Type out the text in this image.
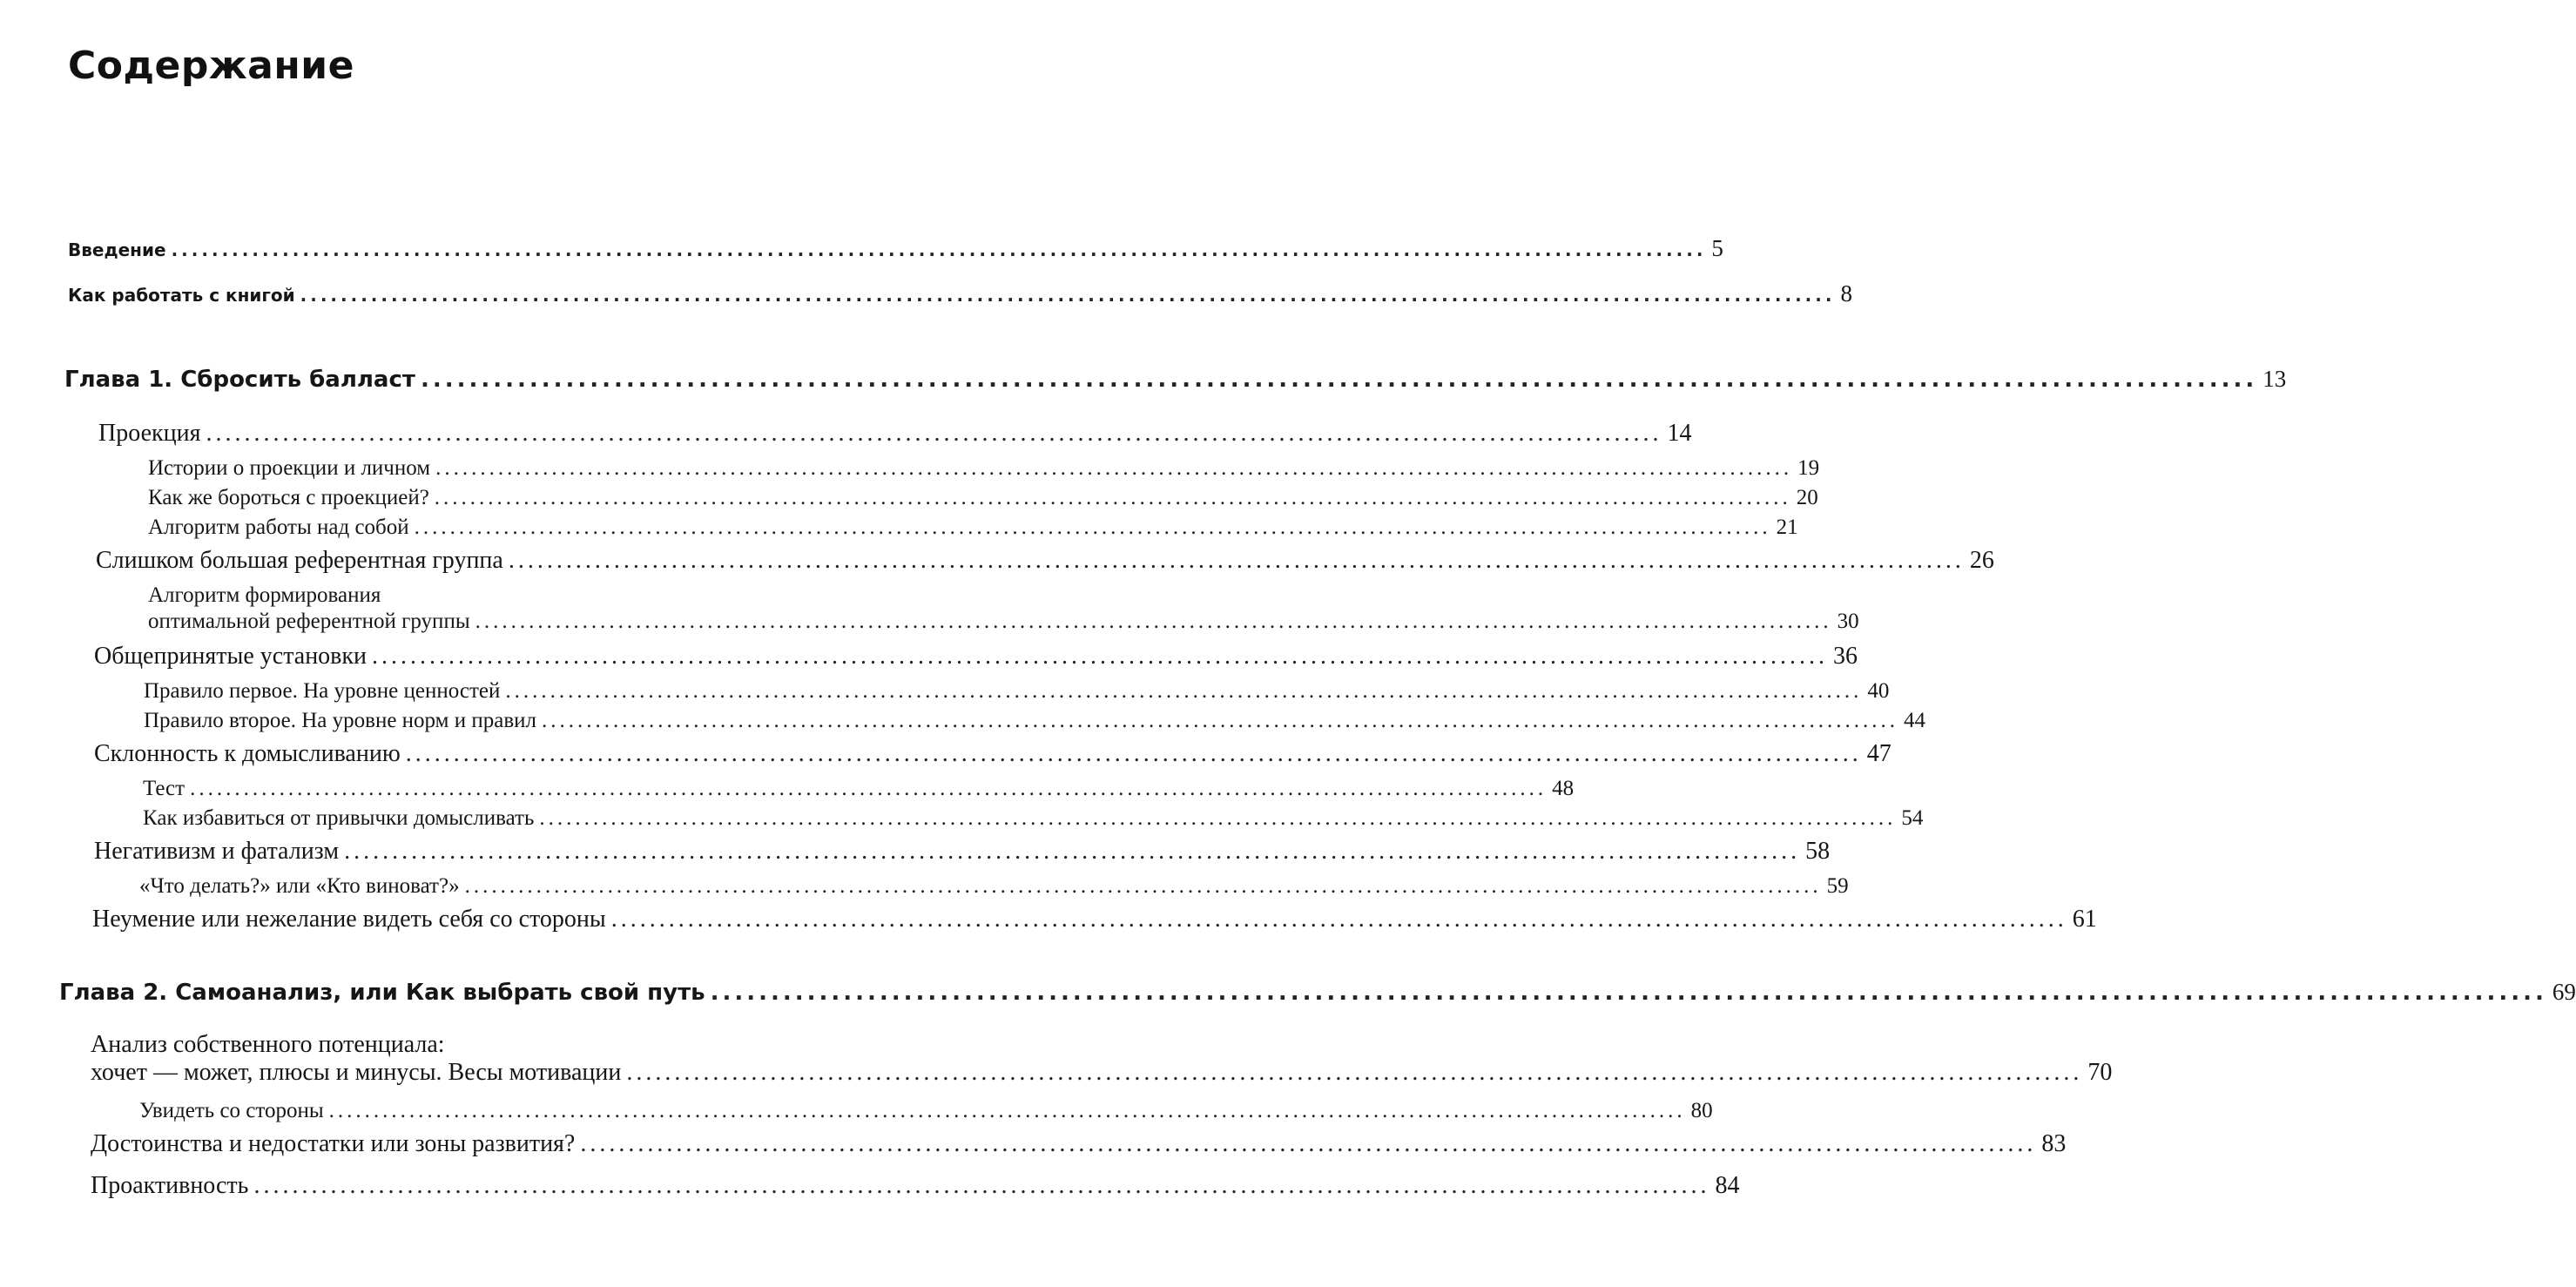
Содержание
Введение ........................................................................................................................................................ 5
Как работать с книгой ........................................................................................................................................................ 8
Глава 1. Сбросить балласт ........................................................................................................................................................ 13
Проекция ........................................................................................................................................................ 14
Истории о проекции и личном ........................................................................................................................................................ 19
Как же бороться с проекцией? ........................................................................................................................................................ 20
Алгоритм работы над собой ........................................................................................................................................................ 21
Слишком большая референтная группа ........................................................................................................................................................ 26
Алгоритм формирования
оптимальной референтной группы ........................................................................................................................................................ 30
Общепринятые установки ........................................................................................................................................................ 36
Правило первое. На уровне ценностей ........................................................................................................................................................ 40
Правило второе. На уровне норм и правил ........................................................................................................................................................ 44
Склонность к домысливанию ........................................................................................................................................................ 47
Тест ........................................................................................................................................................ 48
Как избавиться от привычки домысливать ........................................................................................................................................................ 54
Негативизм и фатализм ........................................................................................................................................................ 58
«Что делать?» или «Кто виноват?» ........................................................................................................................................................ 59
Неумение или нежелание видеть себя со стороны ........................................................................................................................................................ 61
Глава 2. Самоанализ, или Как выбрать свой путь ........................................................................................................................................................ 69
Анализ собственного потенциала:
хочет — может, плюсы и минусы. Весы мотивации ........................................................................................................................................................ 70
Увидеть со стороны ........................................................................................................................................................ 80
Достоинства и недостатки или зоны развития? ........................................................................................................................................................ 83
Проактивность ........................................................................................................................................................ 84
